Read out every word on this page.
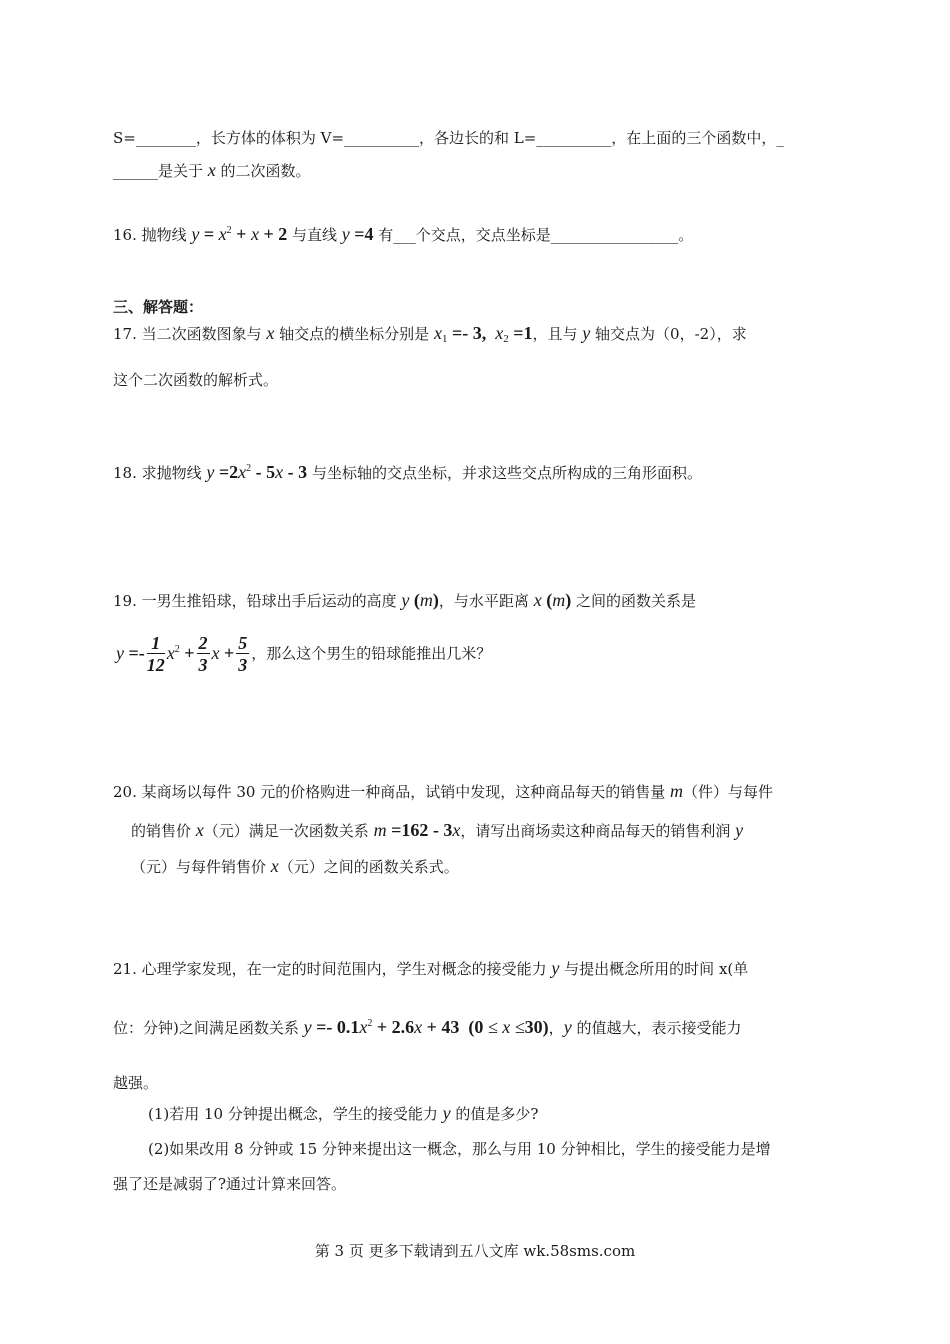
S=________，长方体的体积为 V=__________，各边长的和 L=__________，在上面的三个函数中，_
______是关于 x 的二次函数。
16. 抛物线 $y = x^2 + x + 2$ 与直线 y =4 有___个交点，交点坐标是_________________。
三、解答题：
17. 当二次函数图象与 x 轴交点的横坐标分别是 $x_1 =- 3$,  $x_2 =1$，且与 y 轴交点为（0，-2），求
这个二次函数的解析式。
18. 求抛物线 $y =2x^2 - 5x - 3$ 与坐标轴的交点坐标，并求这些交点所构成的三角形面积。
19. 一男生推铅球，铅球出手后运动的高度 y (m)，与水平距离 x (m) 之间的函数关系是
$y =- \frac{1}{12} x^2 + \frac{2}{3}$ $x + \frac{5}{3}$ ，那么这个男生的铅球能推出几米？
20. 某商场以每件 30 元的价格购进一种商品，试销中发现，这种商品每天的销售量 m（件）与每件
的销售价 x（元）满足一次函数关系 m =162 - 3x，请写出商场卖这种商品每天的销售利润 y
（元）与每件销售价 x（元）之间的函数关系式。
21. 心理学家发现，在一定的时间范围内，学生对概念的接受能力 y 与提出概念所用的时间 x(单
位：分钟)之间满足函数关系 $y =- 0.1x^2 + 2.6x + 43$  (0 ≤ x ≤30)，y 的值越大，表示接受能力
越强。
(1)若用 10 分钟提出概念，学生的接受能力 y 的值是多少?
(2)如果改用 8 分钟或 15 分钟来提出这一概念，那么与用 10 分钟相比，学生的接受能力是增
强了还是减弱了?通过计算来回答。
第 3 页 更多下载请到五八文库 wk.58sms.com
